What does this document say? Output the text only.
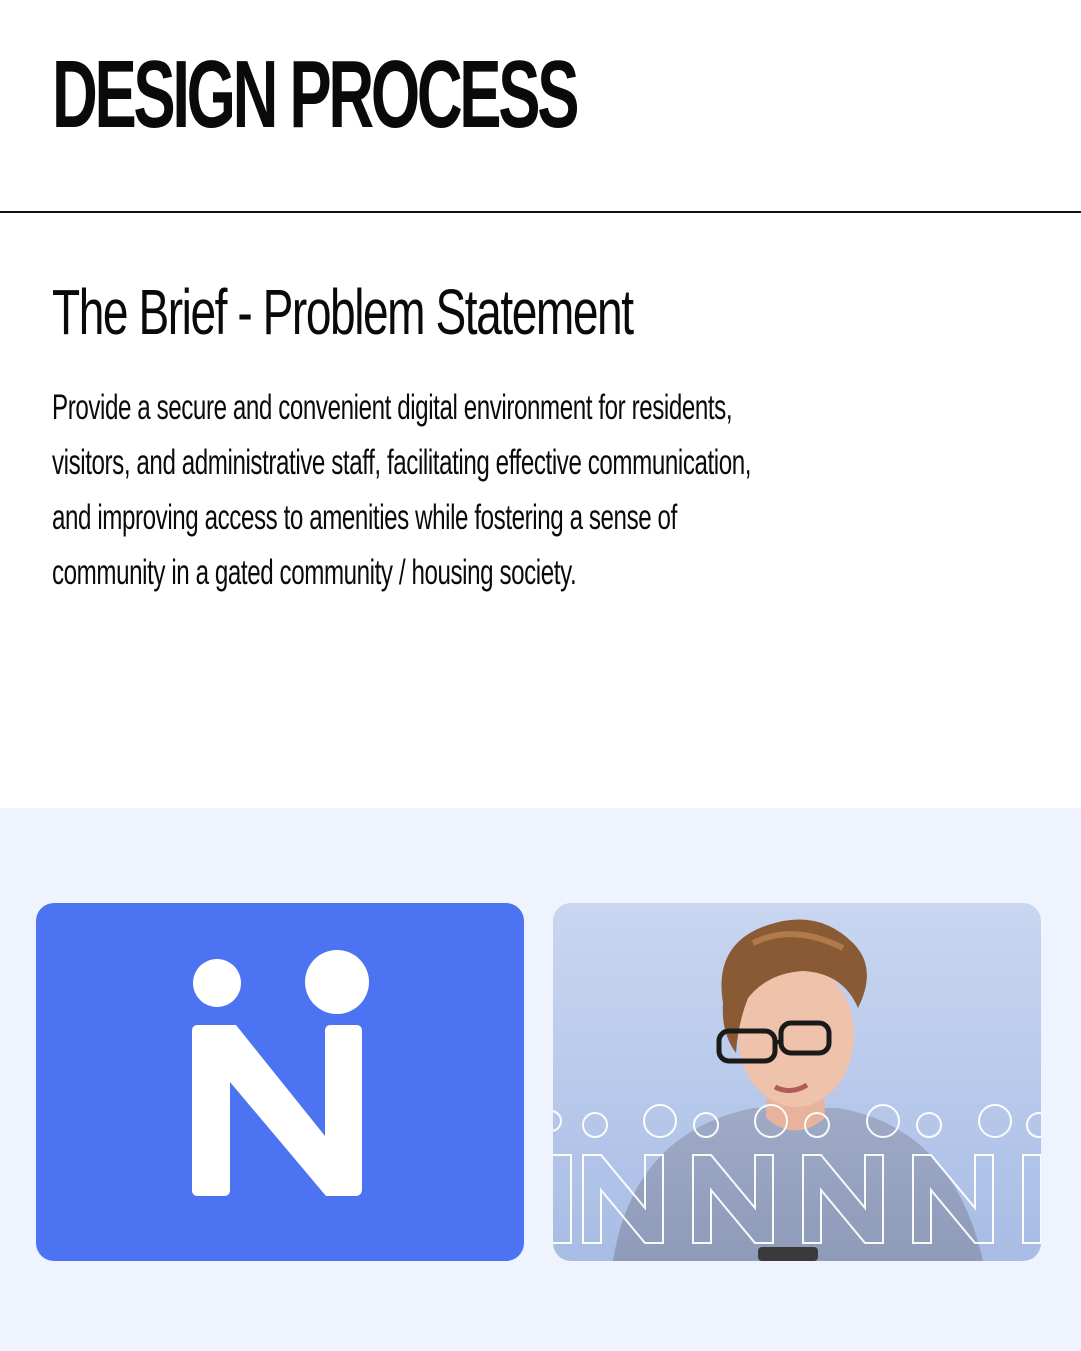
DESIGN PROCESS
The Brief - Problem Statement
Provide a secure and convenient digital environment for residents,
visitors, and administrative staff, facilitating effective communication,
and improving access to amenities while fostering a sense of
community in a gated community / housing society.
